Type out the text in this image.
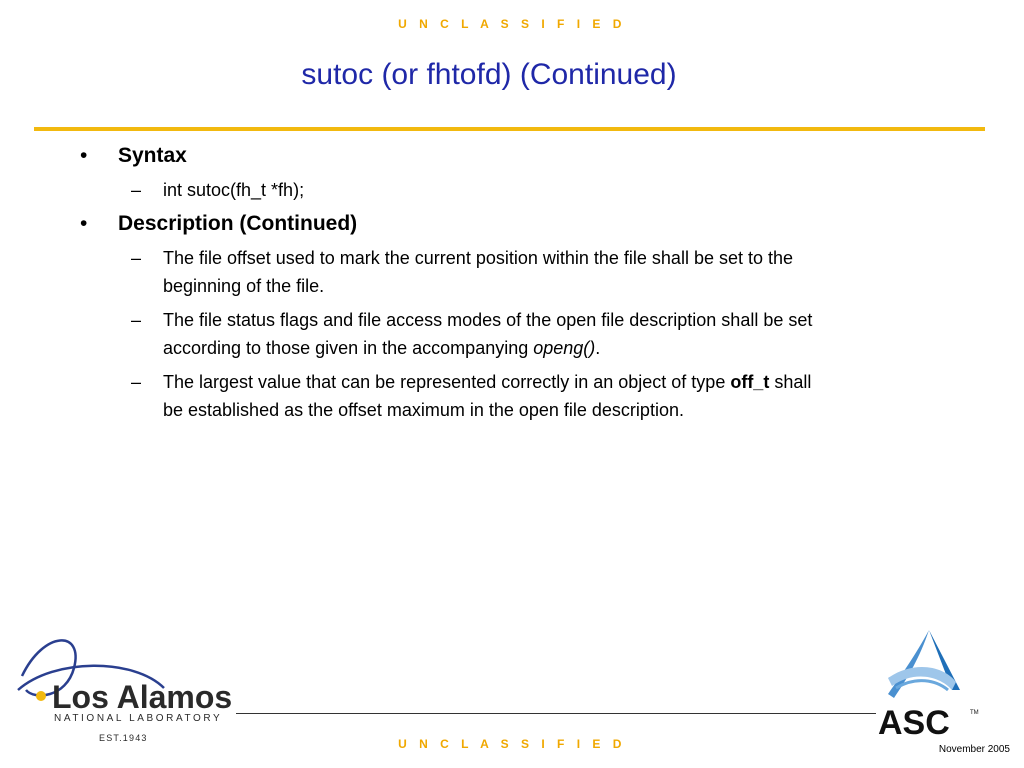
U N C L A S S I F I E D
sutoc (or fhtofd) (Continued)
• Syntax
– int sutoc(fh_t *fh);
• Description (Continued)
– The file offset used to mark the current position within the file shall be set to the beginning of the file.
– The file status flags and file access modes of the open file description shall be set according to those given in the accompanying openg().
– The largest value that can be represented correctly in an object of type off_t shall be established as the offset maximum in the open file description.
Los Alamos
NATIONAL LABORATORY
EST.1943	ASC	TM
U N C L A S S I F I E D	November 2005
